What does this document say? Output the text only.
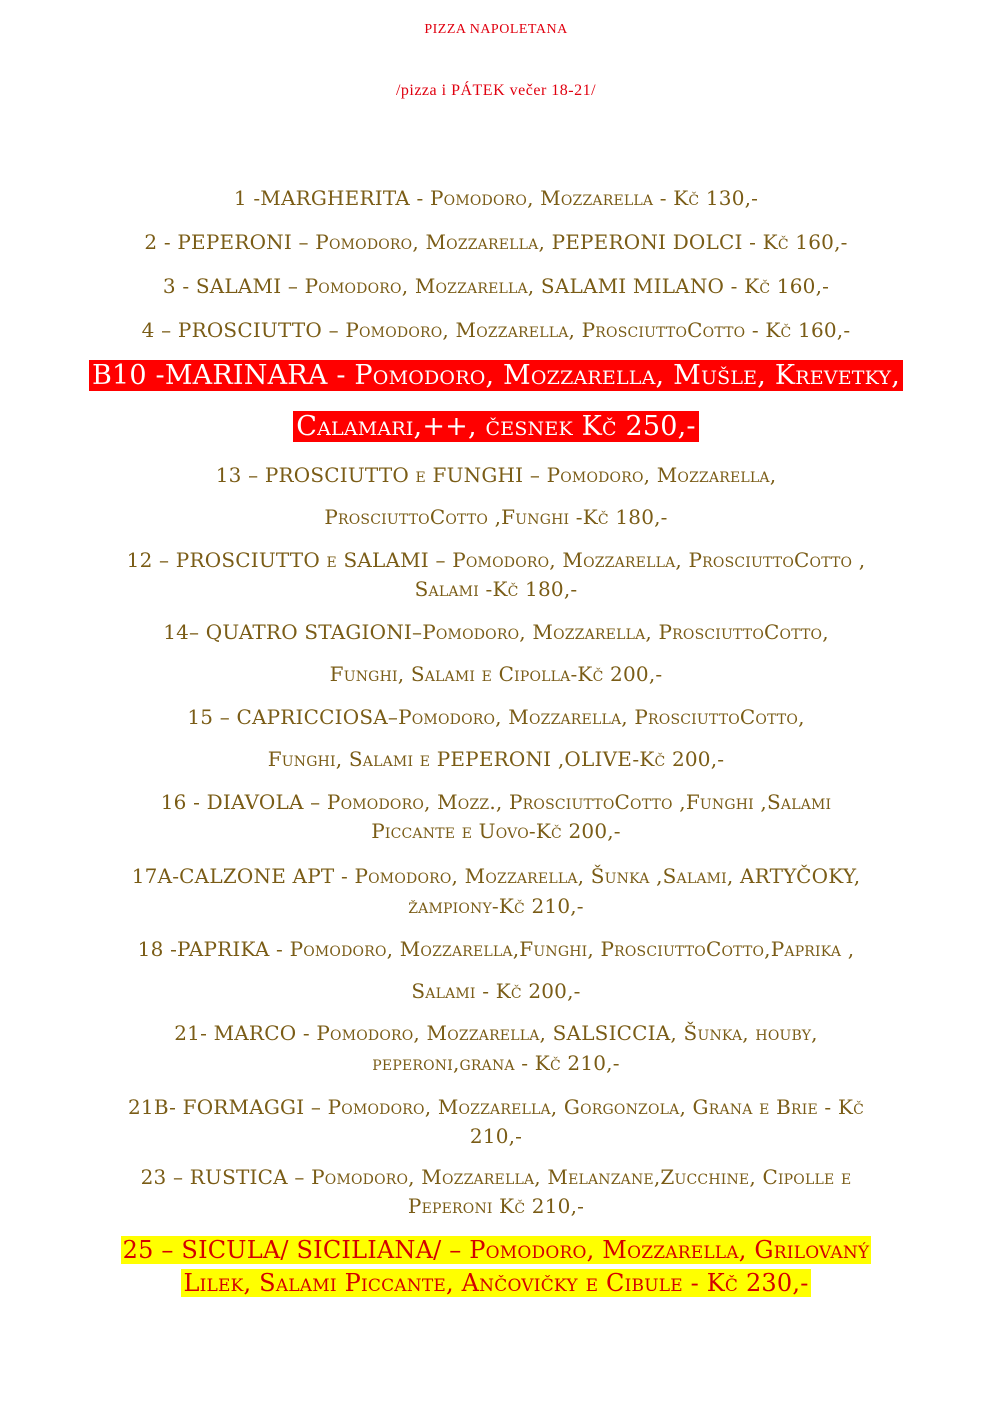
PIZZA NAPOLETANA
/pizza i PÁTEK večer 18-21/
1 -MARGHERITA - Pomodoro, Mozzarella - Kč 130,-
2 - PEPERONI – Pomodoro, Mozzarella, PEPERONI DOLCI - Kč 160,-
3 - SALAMI – Pomodoro, Mozzarella, SALAMI MILANO - Kč 160,-
4 – PROSCIUTTO – Pomodoro, Mozzarella, ProsciuttoCotto - Kč 160,-
B10 -MARINARA - Pomodoro, Mozzarella, Mušle, Krevetky,
Calamari,++, česnek Kč 250,-
13 – PROSCIUTTO e FUNGHI – Pomodoro, Mozzarella,
ProsciuttoCotto ,Funghi -Kč 180,-
12 – PROSCIUTTO e SALAMI – Pomodoro, Mozzarella, ProsciuttoCotto ,
Salami -Kč 180,-
14– QUATRO STAGIONI–Pomodoro, Mozzarella, ProsciuttoCotto,
Funghi, Salami e Cipolla-Kč 200,-
15 – CAPRICCIOSA–Pomodoro, Mozzarella, ProsciuttoCotto,
Funghi, Salami e PEPERONI ,OLIVE-Kč 200,-
16 - DIAVOLA – Pomodoro, Mozz., ProsciuttoCotto ,Funghi ,Salami
Piccante e Uovo-Kč 200,-
17A-CALZONE APT - Pomodoro, Mozzarella, Šunka ,Salami, ARTYČOKY,
žampiony-Kč 210,-
18 -PAPRIKA - Pomodoro, Mozzarella,Funghi, ProsciuttoCotto,Paprika ,
Salami - Kč 200,-
21- MARCO - Pomodoro, Mozzarella, SALSICCIA, Šunka, houby,
peperoni,grana - Kč 210,-
21B- FORMAGGI – Pomodoro, Mozzarella, Gorgonzola, Grana e Brie - Kč
210,-
23 – RUSTICA – Pomodoro, Mozzarella, Melanzane,Zucchine, Cipolle e
Peperoni Kč 210,-
25 – SICULA/ SICILIANA/ – Pomodoro, Mozzarella, Grilovaný
Lilek, Salami Piccante, Ančovičky e Cibule - Kč 230,-
